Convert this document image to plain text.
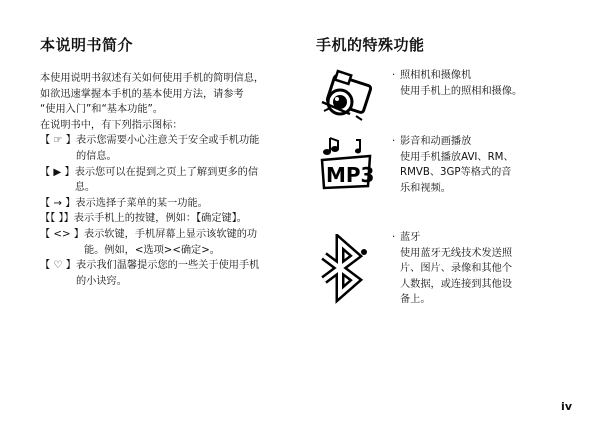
本说明书简介

本使用说明书叙述有关如何使用手机的简明信息，

如欲迅速掌握本手机的基本使用方法，请参考

“使用入门”和“基本功能”。

在说明书中，有下列指示图标：

【 ☞ 】 表示您需要小心注意关于安全或手机功能
的信息。
【 ▶ 】 表示您可以在提到之页上了解到更多的信
息。
【 → 】 表示选择子菜单的某一功能。
【【 】】 表示手机上的按键，例如：【确定键】。
【 <> 】 表示软键，手机屏幕上显示该软键的功
能。例如，<选项><确定>。
【 ♡ 】 表示我们温馨提示您的一些关于使用手机
的小诀窍。
手机的特殊功能
· 照相机和摄像机
使用手机上的照相和摄像。
MP3
· 影音和动画播放
使用手机播放AVI、RM、
RMVB、3GP等格式的音
乐和视频。
· 蓝牙
使用蓝牙无线技术发送照
片、图片、录像和其他个
人数据，或连接到其他设
备上。
iv
